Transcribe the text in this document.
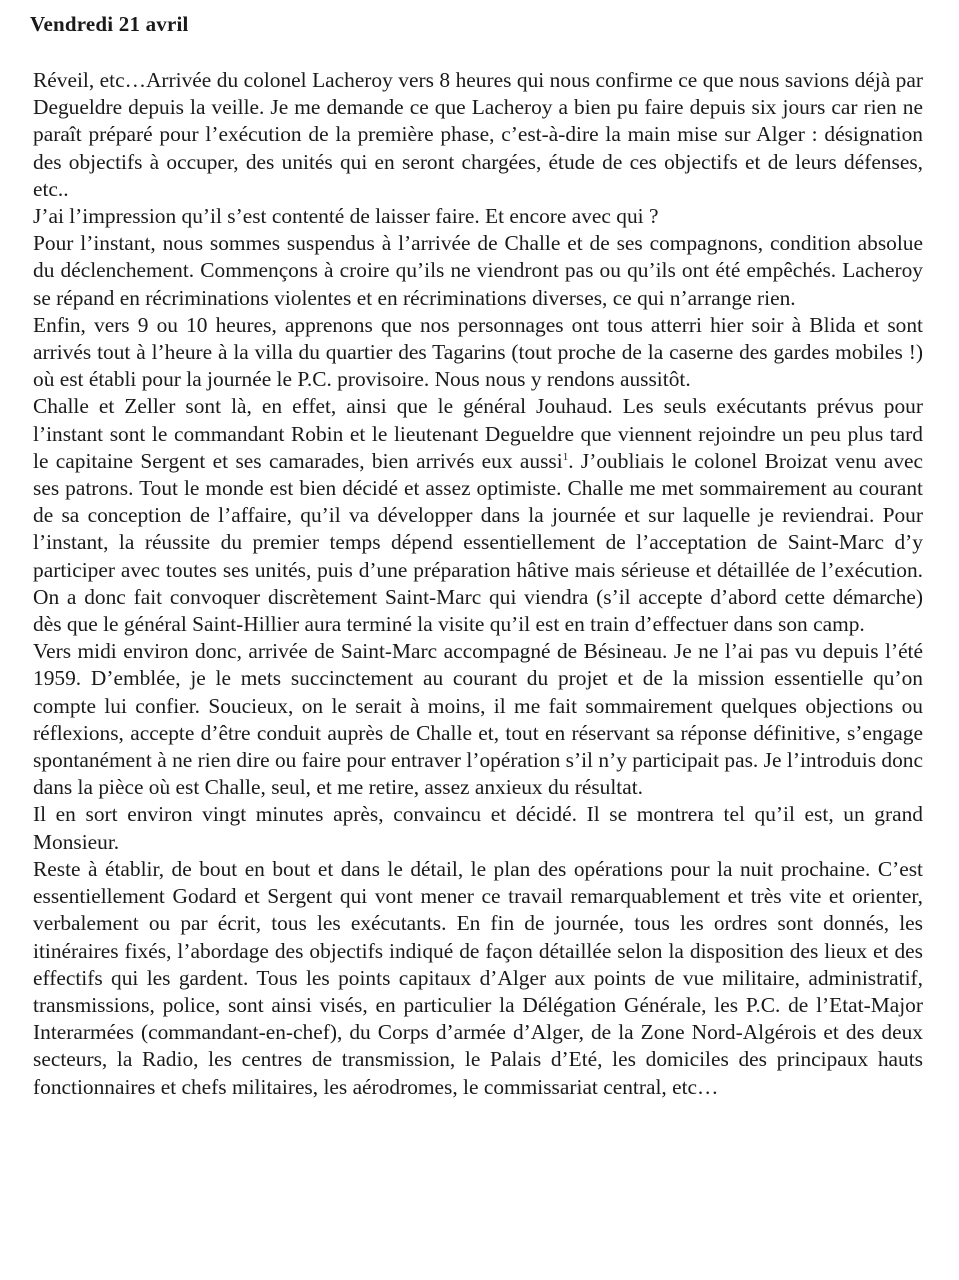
Vendredi 21 avril

Réveil, etc…Arrivée du colonel Lacheroy vers 8 heures qui nous confirme ce que nous savions déjà par Degueldre depuis la veille. Je me demande ce que Lacheroy a bien pu faire depuis six jours car rien ne paraît préparé pour l’exécution de la première phase, c’est-à-dire la main mise sur Alger : désignation des objectifs à occuper, des unités qui en seront chargées, étude de ces objectifs et de leurs défenses, etc..

J’ai l’impression qu’il s’est contenté de laisser faire. Et encore avec qui ?

Pour l’instant, nous sommes suspendus à l’arrivée de Challe et de ses compagnons, condition absolue du déclenchement. Commençons à croire qu’ils ne viendront pas ou qu’ils ont été empêchés. Lacheroy se répand en récriminations violentes et en récriminations diverses, ce qui n’arrange rien.

Enfin, vers 9 ou 10 heures, apprenons que nos personnages ont tous atterri hier soir à Blida et sont arrivés tout à l’heure à la villa du quartier des Tagarins (tout proche de la caserne des gardes mobiles !) où est établi pour la journée le P.C. provisoire. Nous nous y rendons aussitôt.

Challe et Zeller sont là, en effet, ainsi que le général Jouhaud. Les seuls exécutants prévus pour l’instant sont le commandant Robin et le lieutenant Degueldre que viennent rejoindre un peu plus tard le capitaine Sergent et ses camarades, bien arrivés eux aussi$^1$. J’oubliais le colonel Broizat venu avec ses patrons. Tout le monde est bien décidé et assez optimiste. Challe me met sommairement au courant de sa conception de l’affaire, qu’il va développer dans la journée et sur laquelle je reviendrai. Pour l’instant, la réussite du premier temps dépend essentiellement de l’acceptation de Saint-Marc d’y participer avec toutes ses unités, puis d’une préparation hâtive mais sérieuse et détaillée de l’exécution. On a donc fait convoquer discrètement Saint-Marc qui viendra (s’il accepte d’abord cette démarche) dès que le général Saint-Hillier aura terminé la visite qu’il est en train d’effectuer dans son camp.

Vers midi environ donc, arrivée de Saint-Marc accompagné de Bésineau. Je ne l’ai pas vu depuis l’été 1959. D’emblée, je le mets succinctement au courant du projet et de la mission essentielle qu’on compte lui confier. Soucieux, on le serait à moins, il me fait sommairement quelques objections ou réflexions, accepte d’être conduit auprès de Challe et, tout en réservant sa réponse définitive, s’engage spontanément à ne rien dire ou faire pour entraver l’opération s’il n’y participait pas. Je l’introduis donc dans la pièce où est Challe, seul, et me retire, assez anxieux du résultat.

Il en sort environ vingt minutes après, convaincu et décidé. Il se montrera tel qu’il est, un grand Monsieur.

Reste à établir, de bout en bout et dans le détail, le plan des opérations pour la nuit prochaine. C’est essentiellement Godard et Sergent qui vont mener ce travail remarquablement et très vite et orienter, verbalement ou par écrit, tous les exécutants. En fin de journée, tous les ordres sont donnés, les itinéraires fixés, l’abordage des objectifs indiqué de façon détaillée selon la disposition des lieux et des effectifs qui les gardent. Tous les points capitaux d’Alger aux points de vue militaire, administratif, transmissions, police, sont ainsi visés, en particulier la Délégation Générale, les P.C. de l’Etat-Major Interarmées (commandant-en-chef), du Corps d’armée d’Alger, de la Zone Nord-Algérois et des deux secteurs, la Radio, les centres de transmission, le Palais d’Eté, les domiciles des principaux hauts fonctionnaires et chefs militaires, les aérodromes, le commissariat central, etc…
